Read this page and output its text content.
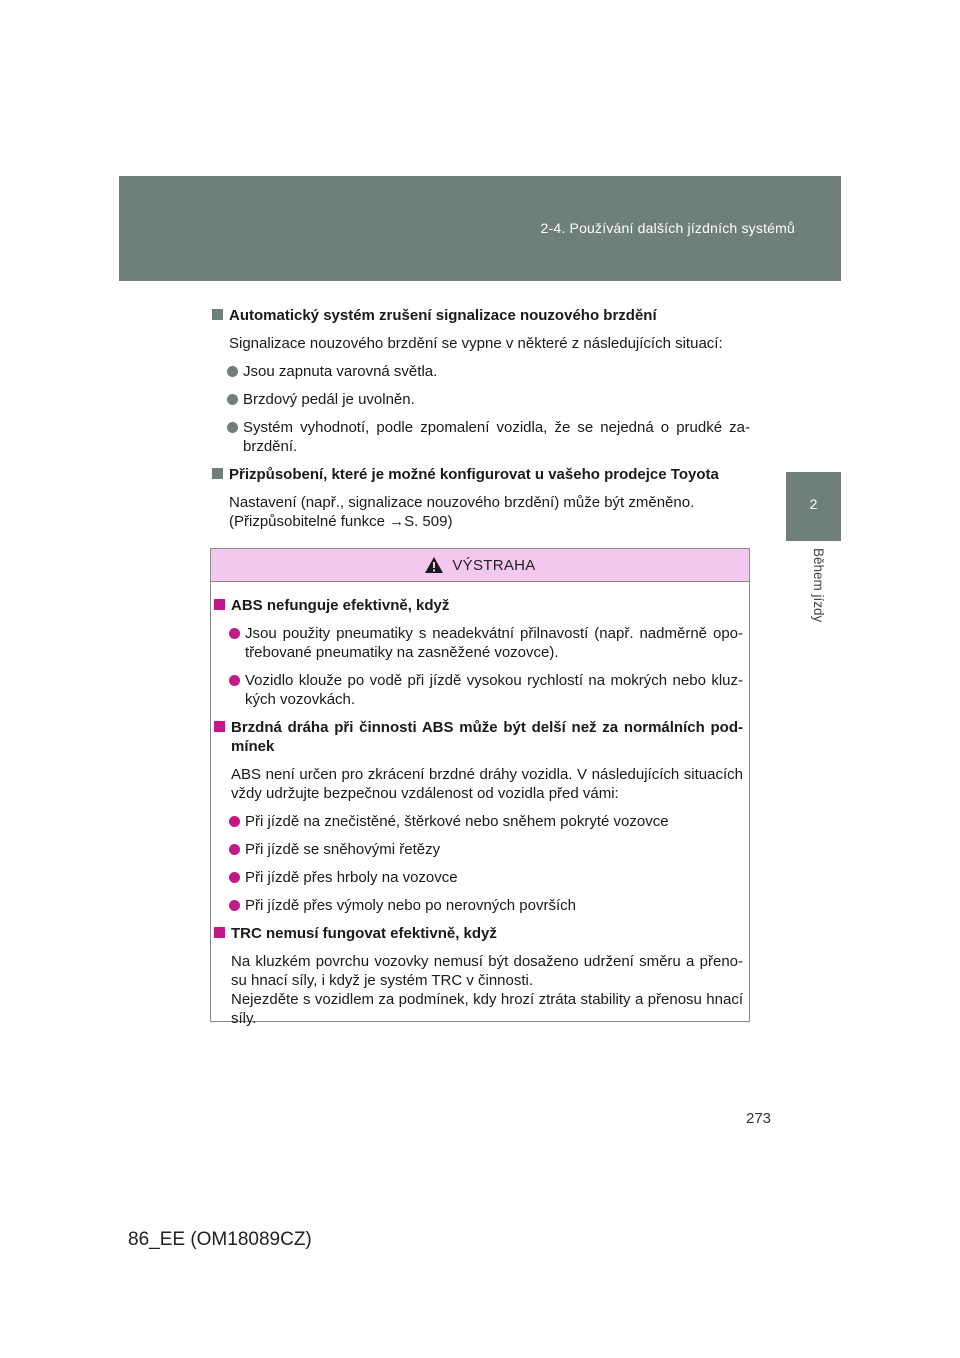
2-4. Používání dalších jízdních systémů
2
Během jízdy
Automatický systém zrušení signalizace nouzového brzdění
Signalizace nouzového brzdění se vypne v některé z následujících situací:
Jsou zapnuta varovná světla.
Brzdový pedál je uvolněn.
Systém vyhodnotí, podle zpomalení vozidla, že se nejedná o prudké za-brzdění.
Přizpůsobení, které je možné konfigurovat u vašeho prodejce Toyota
Nastavení (např., signalizace nouzového brzdění) může být změněno.
(Přizpůsobitelné funkce →S. 509)
VÝSTRAHA
ABS nefunguje efektivně, když
Jsou použity pneumatiky s neadekvátní přilnavostí (např. nadměrně opo-třebované pneumatiky na zasněžené vozovce).
Vozidlo klouže po vodě při jízdě vysokou rychlostí na mokrých nebo kluz-kých vozovkách.
Brzdná dráha při činnosti ABS může být delší než za normálních pod-mínek
ABS není určen pro zkrácení brzdné dráhy vozidla. V následujících situacích vždy udržujte bezpečnou vzdálenost od vozidla před vámi:
Při jízdě na znečistěné, štěrkové nebo sněhem pokryté vozovce
Při jízdě se sněhovými řetězy
Při jízdě přes hrboly na vozovce
Při jízdě přes výmoly nebo po nerovných površích
TRC nemusí fungovat efektivně, když
Na kluzkém povrchu vozovky nemusí být dosaženo udržení směru a přeno-su hnací síly, i když je systém TRC v činnosti.
Nejezděte s vozidlem za podmínek, kdy hrozí ztráta stability a přenosu hnací síly.
273
86_EE (OM18089CZ)
